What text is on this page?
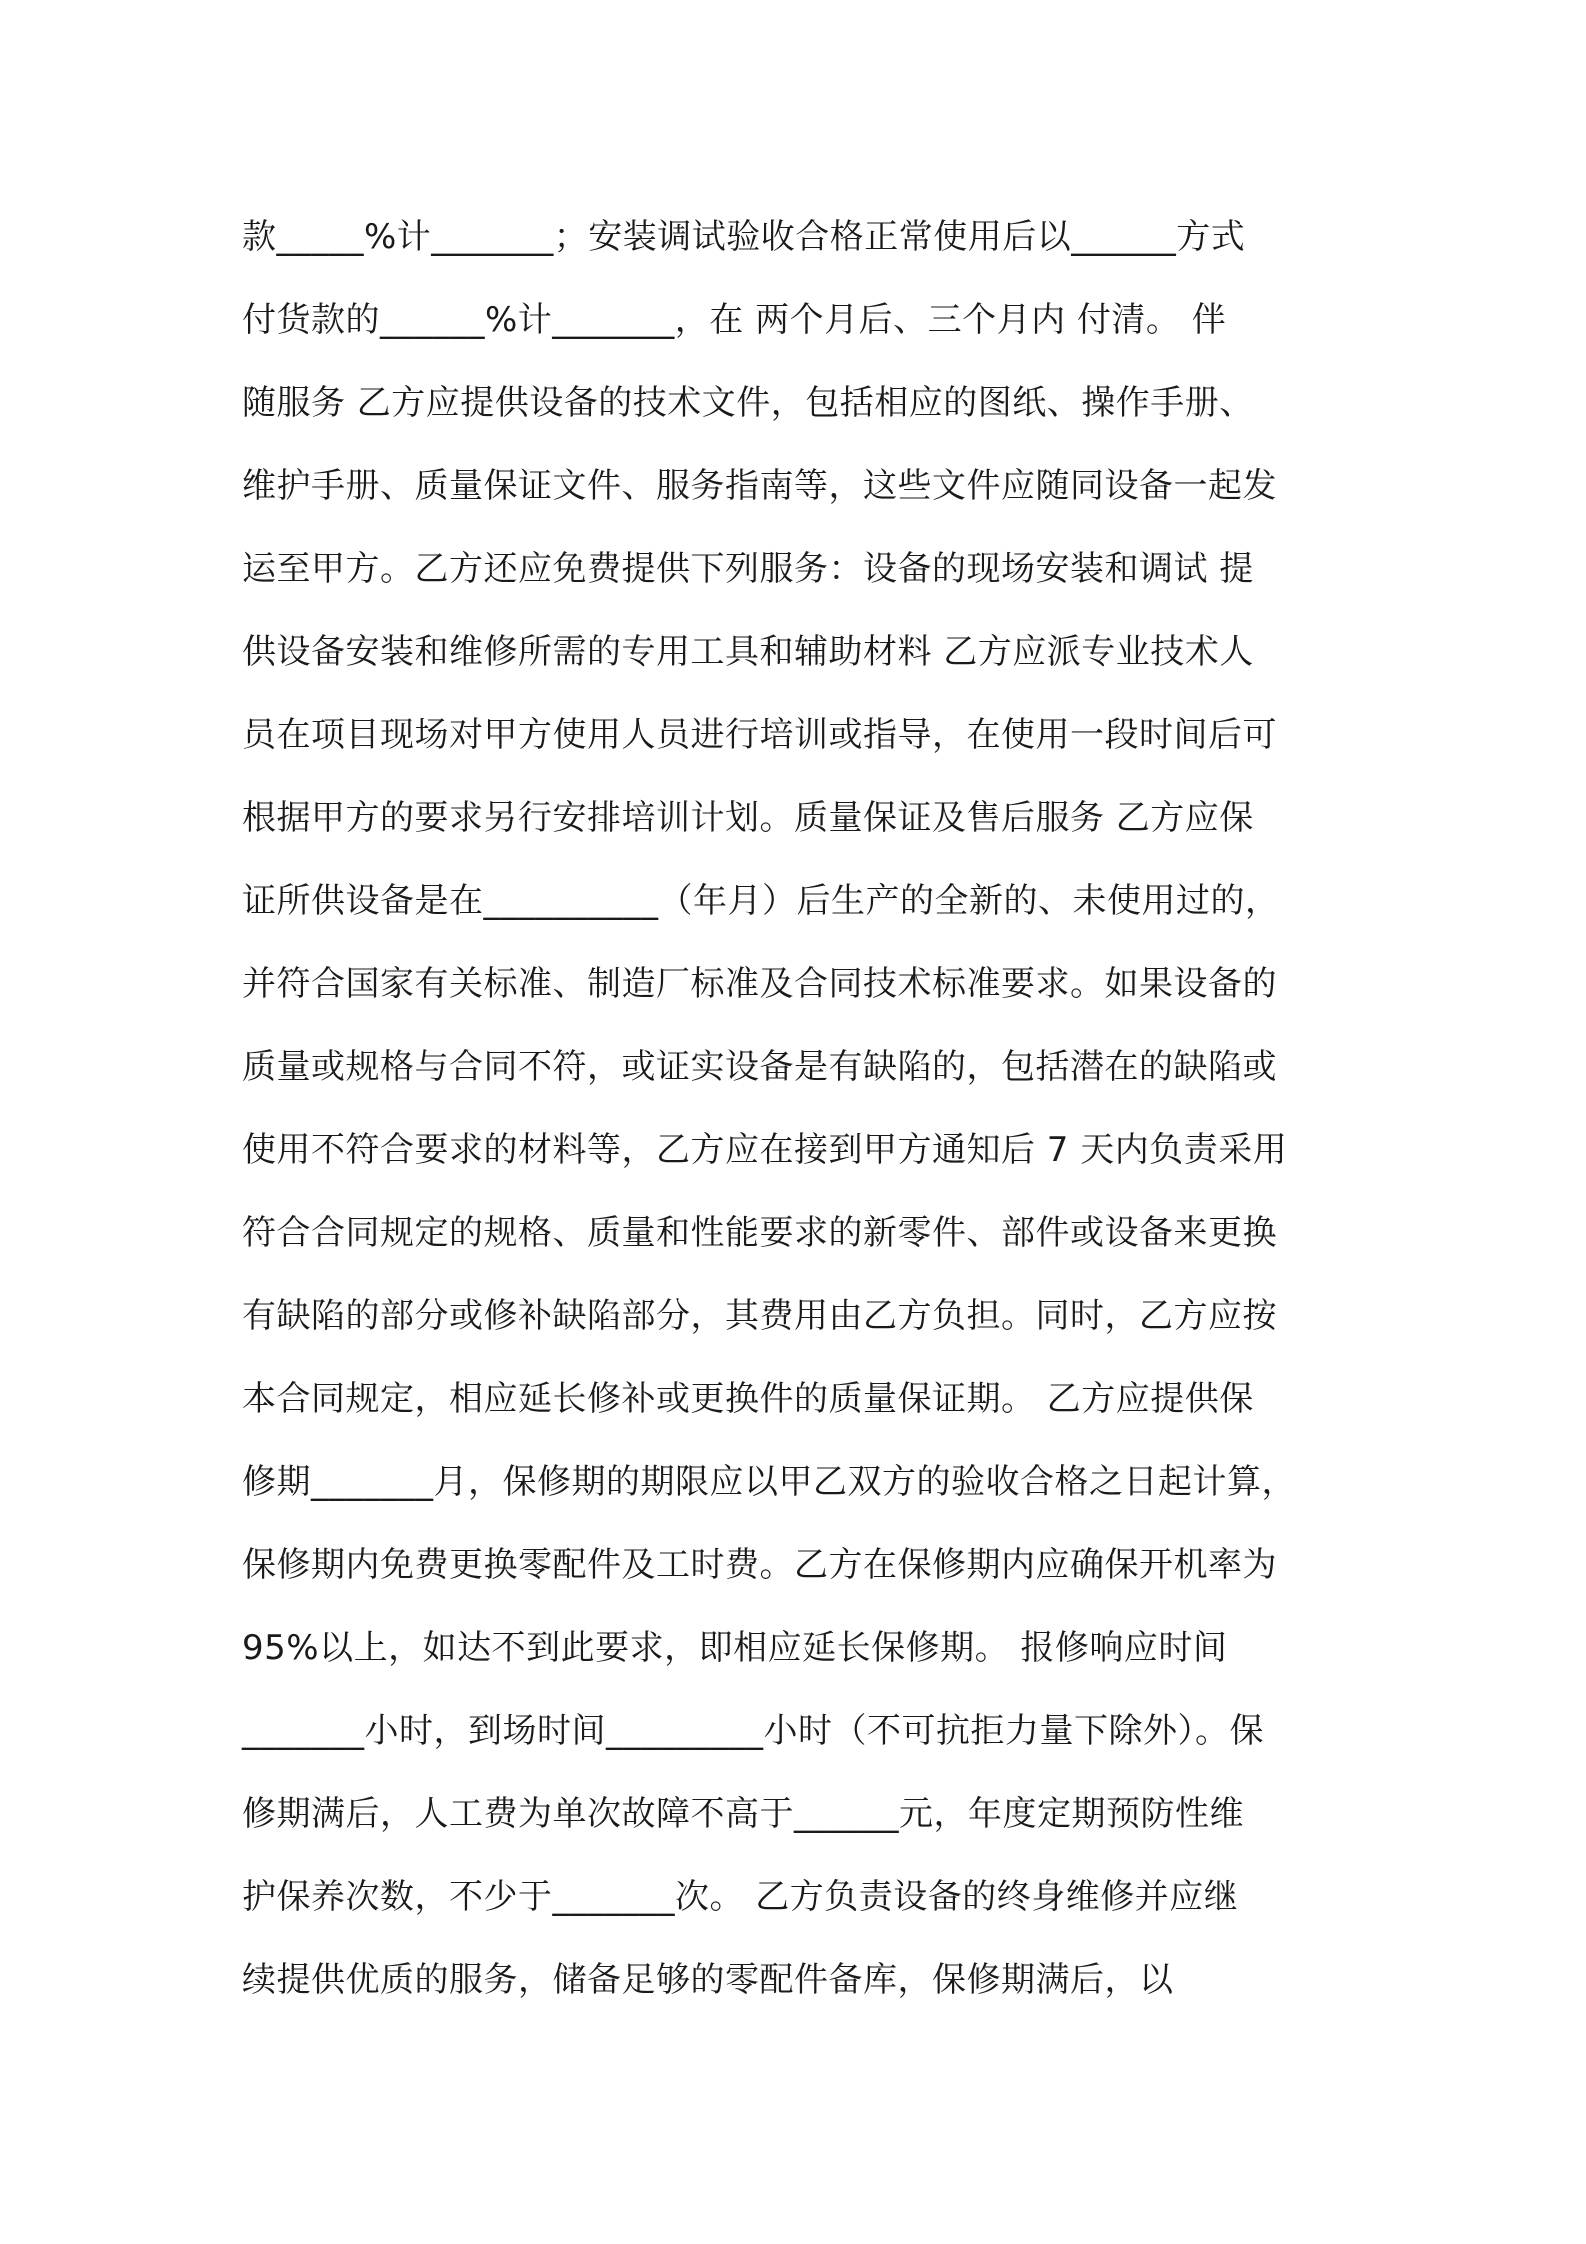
款_____%计_______；安装调试验收合格正常使用后以______方式
付货款的______%计_______，在 两个月后、三个月内 付清。 伴
随服务 乙方应提供设备的技术文件，包括相应的图纸、操作手册、
维护手册、质量保证文件、服务指南等，这些文件应随同设备一起发
运至甲方。乙方还应免费提供下列服务：设备的现场安装和调试 提
供设备安装和维修所需的专用工具和辅助材料 乙方应派专业技术人
员在项目现场对甲方使用人员进行培训或指导，在使用一段时间后可
根据甲方的要求另行安排培训计划。质量保证及售后服务 乙方应保
证所供设备是在__________（年月）后生产的全新的、未使用过的，
并符合国家有关标准、制造厂标准及合同技术标准要求。如果设备的
质量或规格与合同不符，或证实设备是有缺陷的，包括潜在的缺陷或
使用不符合要求的材料等，乙方应在接到甲方通知后 7 天内负责采用
符合合同规定的规格、质量和性能要求的新零件、部件或设备来更换
有缺陷的部分或修补缺陷部分，其费用由乙方负担。同时，乙方应按
本合同规定，相应延长修补或更换件的质量保证期。 乙方应提供保
修期_______月，保修期的期限应以甲乙双方的验收合格之日起计算，
保修期内免费更换零配件及工时费。乙方在保修期内应确保开机率为
95%以上，如达不到此要求，即相应延长保修期。 报修响应时间
_______小时，到场时间_________小时（不可抗拒力量下除外）。保
修期满后，人工费为单次故障不高于______元，年度定期预防性维
护保养次数，不少于_______次。 乙方负责设备的终身维修并应继
续提供优质的服务，储备足够的零配件备库，保修期满后，以
